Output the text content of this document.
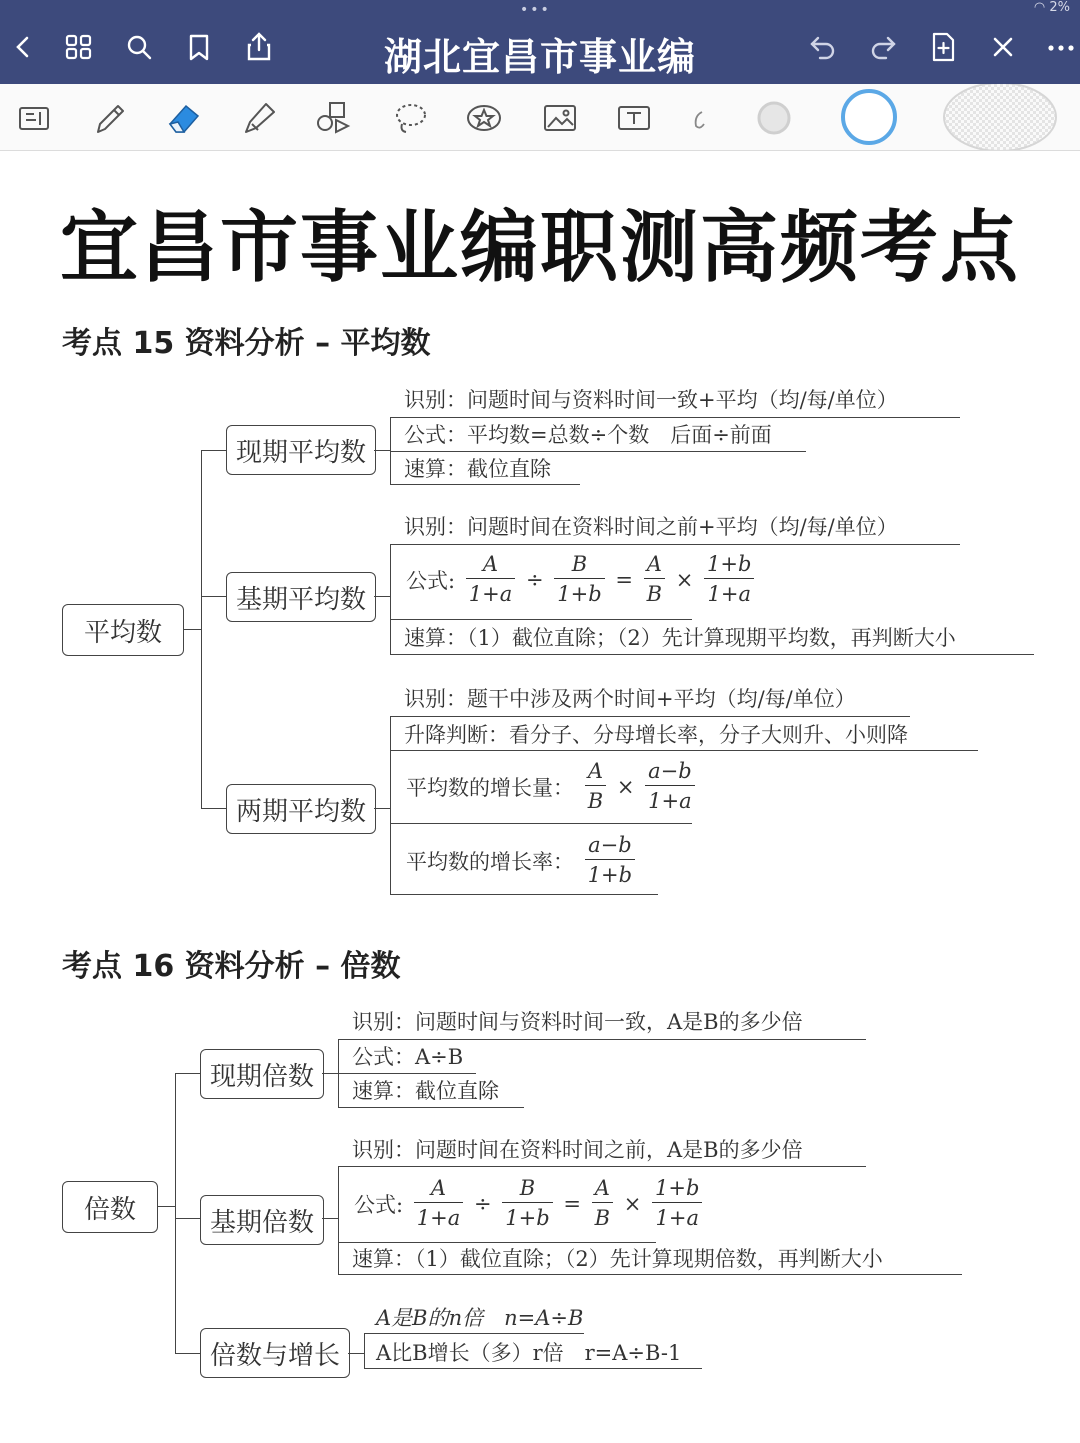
•••	◠ 2%
湖北宜昌市事业编
宜昌市事业编职测高频考点
考点 15 资料分析 – 平均数
平均数
现期平均数
识别：问题时间与资料时间一致+平均（均/每/单位）
公式：平均数=总数÷个数　后面÷前面
速算：截位直除
基期平均数
识别：问题时间在资料时间之前+平均（均/每/单位）
公式: $\frac{A}{1+a} \div \frac{B}{1+b} = \frac{A}{B} \times \frac{1+b}{1+a}$
速算：（1）截位直除；（2）先计算现期平均数，再判断大小
两期平均数
识别：题干中涉及两个时间+平均（均/每/单位）
升降判断：看分子、分母增长率，分子大则升、小则降
平均数的增长量： $\frac{A}{B} \times \frac{a-b}{1+a}$
平均数的增长率： $\frac{a-b}{1+b}$
考点 16 资料分析 – 倍数
倍数
现期倍数
识别：问题时间与资料时间一致，A是B的多少倍
公式：A÷B
速算：截位直除
基期倍数
识别：问题时间在资料时间之前，A是B的多少倍
公式: $\frac{A}{1+a} \div \frac{B}{1+b} = \frac{A}{B} \times \frac{1+b}{1+a}$
速算：（1）截位直除；（2）先计算现期倍数，再判断大小
倍数与增长
A是B的n倍　n=A÷B
A比B增长（多）r倍　r=A÷B-1
